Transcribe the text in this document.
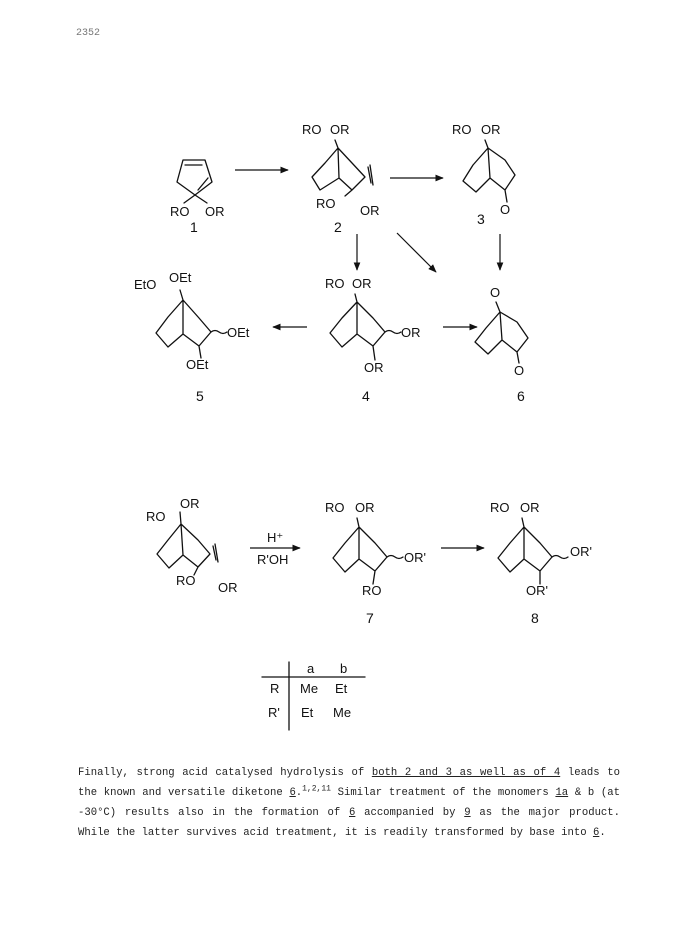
2352
RO OR
1
RO OR
RO OR
2
RO OR
O
3
RO OR
OR
OR
4
EtO OEt
OEt
OEt
5
O
O
6
RO
OR
RO OR
H⁺
R'OH
RO OR
OR'
RO
7
RO OR
OR'
OR'
8
a b
R Me Et
R' Et Me
Finally, strong acid catalysed hydrolysis of both 2 and 3 as well as of 4 leads to the known and versatile diketone 6.$^{1,2,11}$ Similar treatment of the monomers 1a & b (at -30°C) results also in the formation of 6 accompanied by 9 as the major product. While the latter survives acid treatment, it is readily transformed by base into 6.
